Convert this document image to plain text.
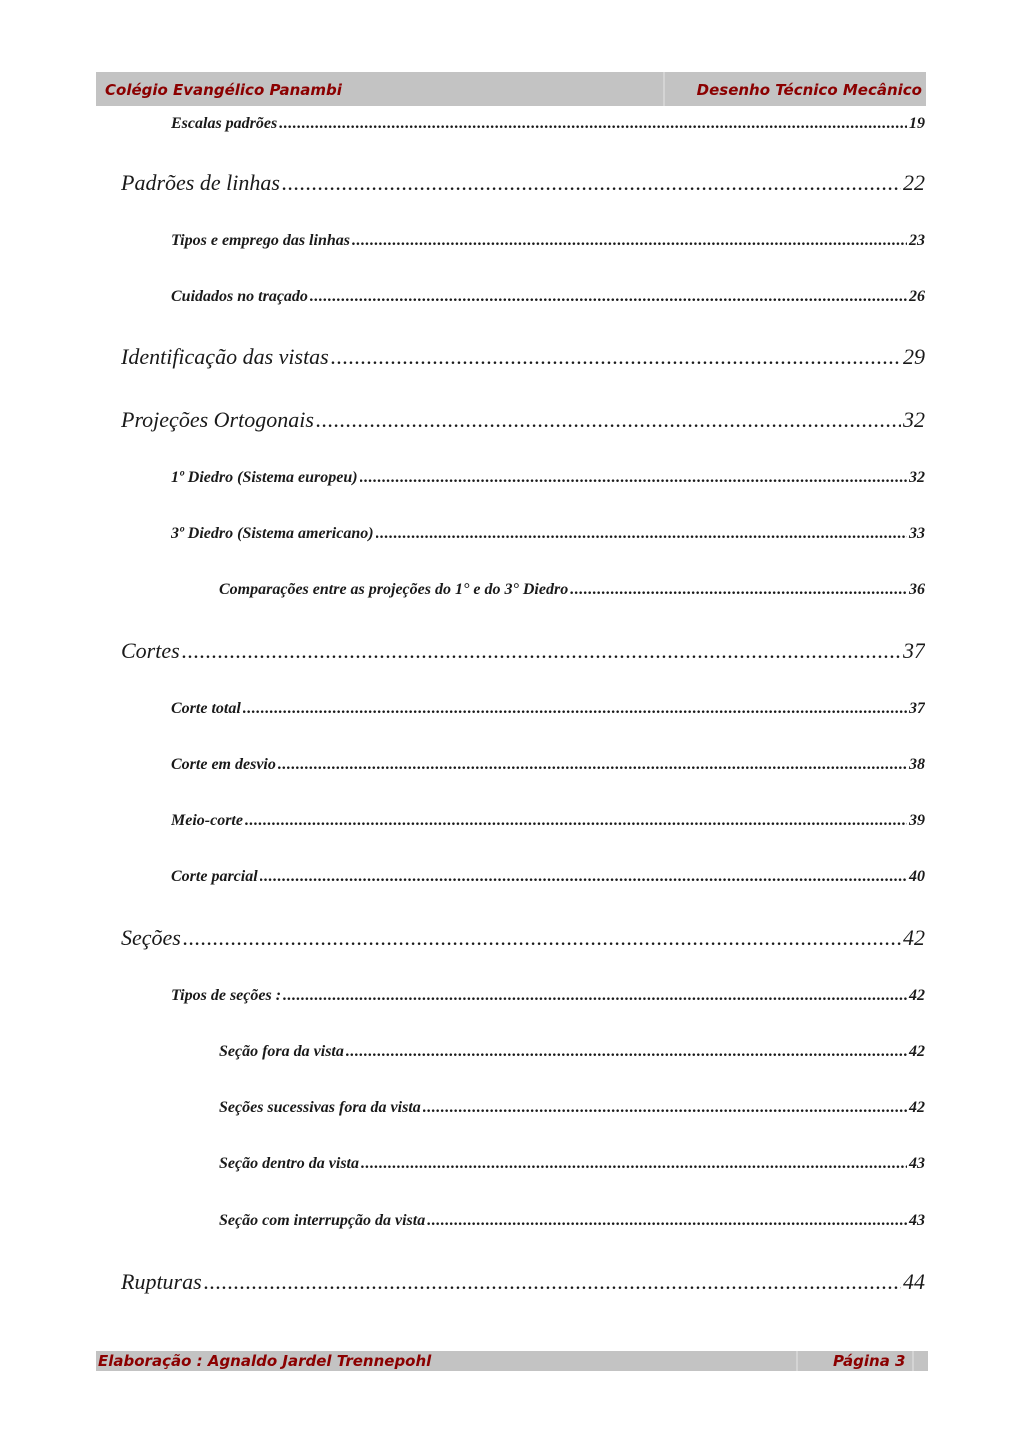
Colégio Evangélico Panambi	Desenho Técnico Mecânico
Escalas padrões .....	19
Padrões de linhas .....	22
Tipos e emprego das linhas .....	23
Cuidados no traçado .....	26
Identificação das vistas .....	29
Projeções Ortogonais .....	32
1º Diedro (Sistema europeu) .....	32
3º Diedro (Sistema americano) .....	33
Comparações entre as projeções do 1° e do 3° Diedro .....	36
Cortes .....	37
Corte total .....	37
Corte em desvio .....	38
Meio-corte .....	39
Corte parcial .....	40
Seções .....	42
Tipos de seções : .....	42
Seção fora da vista .....	42
Seções sucessivas fora da vista .....	42
Seção dentro da vista .....	43
Seção com interrupção da vista .....	43
Rupturas .....	44
Elaboração : Agnaldo Jardel Trennepohl	Página 3
